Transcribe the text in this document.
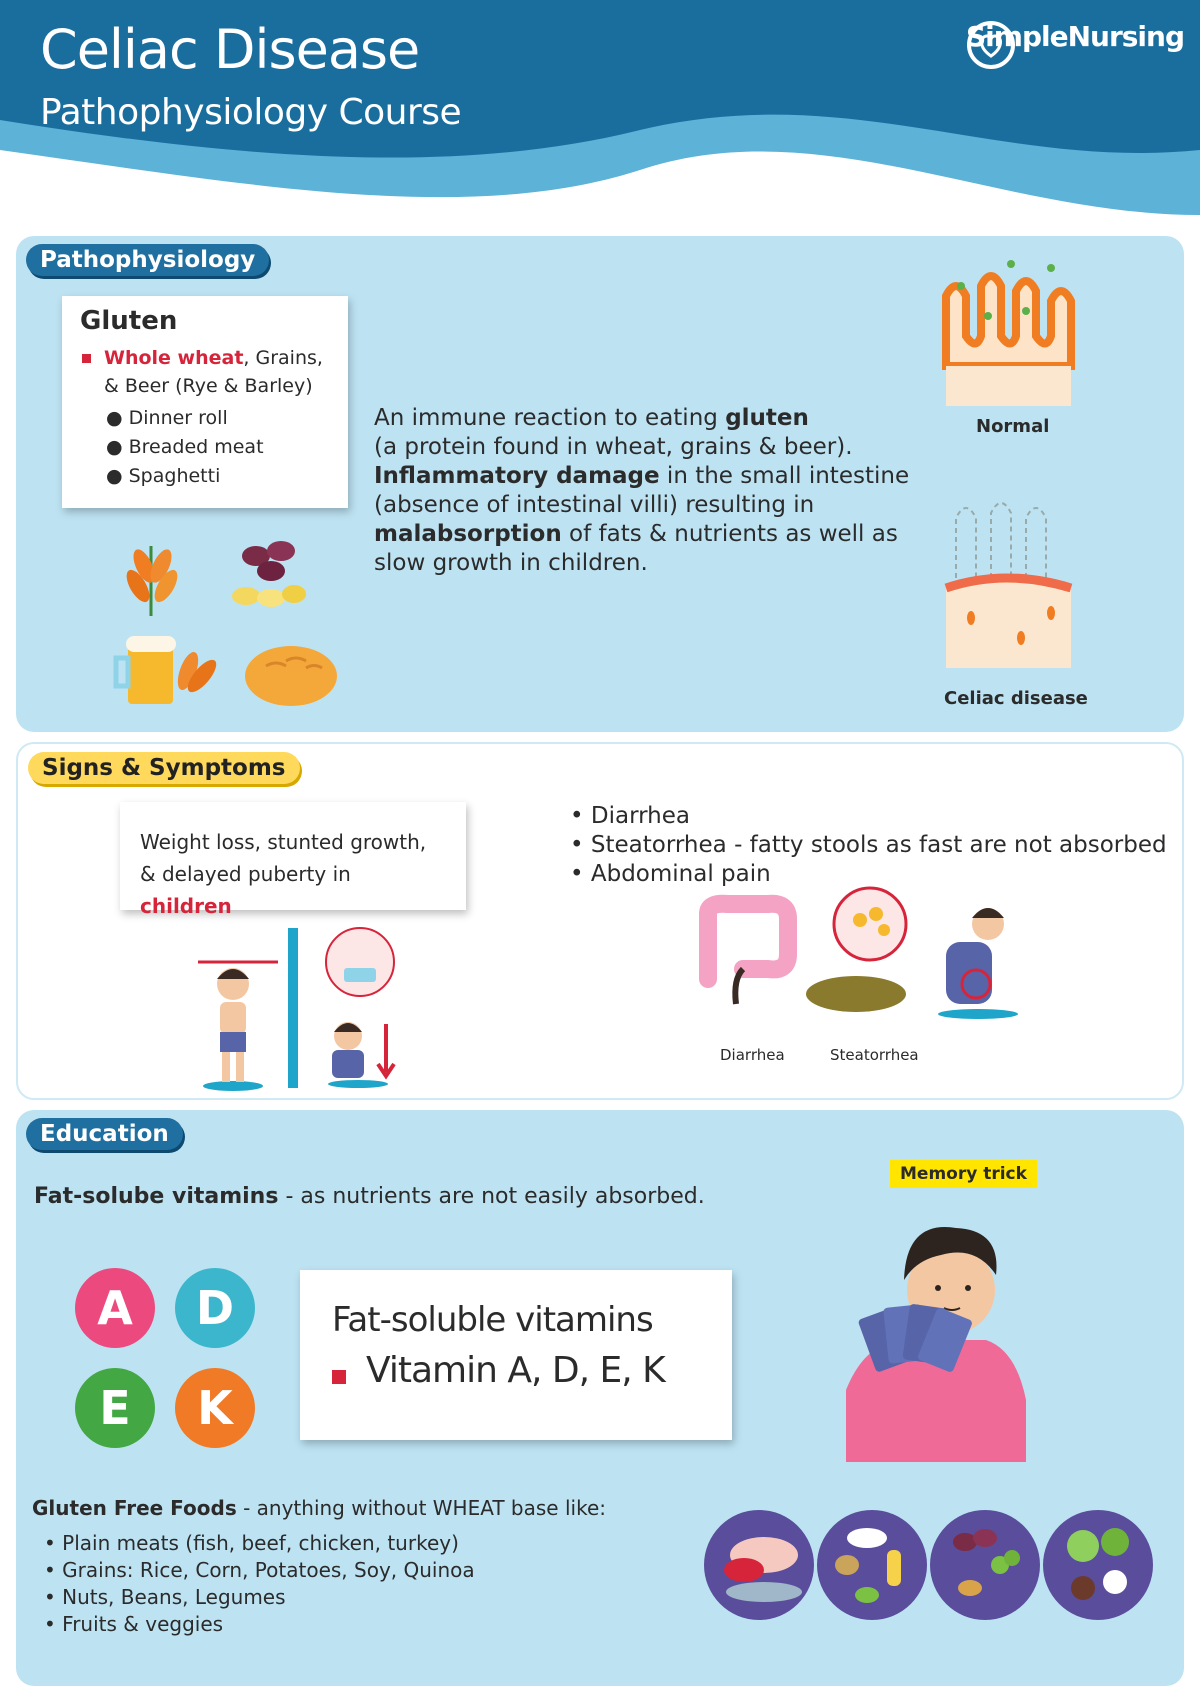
Celiac Disease
Pathophysiology Course
SimpleNursing
Pathophysiology
Gluten
Whole wheat, Grains, & Beer (Rye & Barley)
● Dinner roll
● Breaded meat
● Spaghetti
An immune reaction to eating gluten
(a protein found in wheat, grains & beer).
Inflammatory damage in the small intestine
(absence of intestinal villi) resulting in
malabsorption of fats & nutrients as well as
slow growth in children.
Normal
Celiac disease
Signs & Symptoms
Weight loss, stunted growth,
& delayed puberty in children
• Diarrhea
• Steatorrhea - fatty stools as fast are not absorbed
• Abdominal pain
Diarrhea	Steatorrhea
Education
Fat-solube vitamins - as nutrients are not easily absorbed.
A	D
E	K
Fat-soluble vitamins
Vitamin A, D, E, K
Memory trick
Gluten Free Foods - anything without WHEAT base like:
• Plain meats (fish, beef, chicken, turkey)
• Grains: Rice, Corn, Potatoes, Soy, Quinoa
• Nuts, Beans, Legumes
• Fruits & veggies
